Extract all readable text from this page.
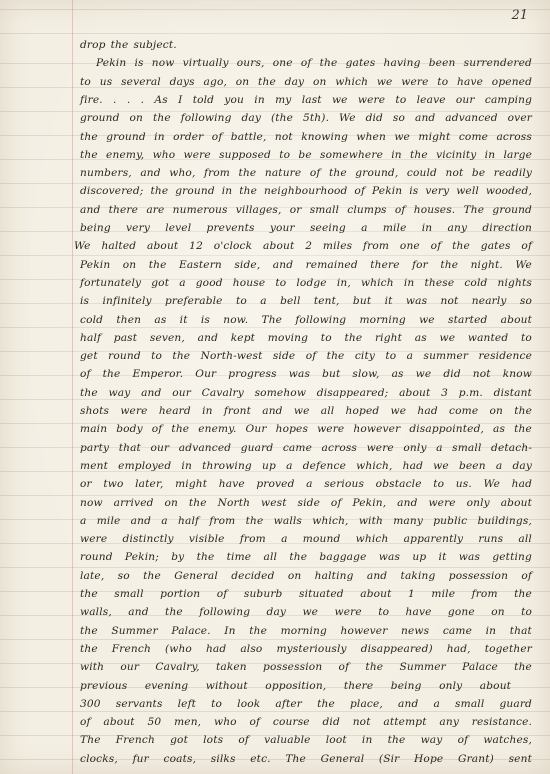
21
drop the subject.
Pekin is now virtually ours, one of the gates having been surrendered
to us several days ago, on the day on which we were to have opened
fire. . . . As I told you in my last we were to leave our camping
ground on the following day (the 5th). We did so and advanced over
the ground in order of battle, not knowing when we might come across
the enemy, who were supposed to be somewhere in the vicinity in large
numbers, and who, from the nature of the ground, could not be readily
discovered; the ground in the neighbourhood of Pekin is very well wooded,
and there are numerous villages, or small clumps of houses. The ground
being very level prevents your seeing a mile in any direction
We halted about 12 o'clock about 2 miles from one of the gates of
Pekin on the Eastern side, and remained there for the night. We
fortunately got a good house to lodge in, which in these cold nights
is infinitely preferable to a bell tent, but it was not nearly so
cold then as it is now. The following morning we started about
half past seven, and kept moving to the right as we wanted to
get round to the North-west side of the city to a summer residence
of the Emperor. Our progress was but slow, as we did not know
the way and our Cavalry somehow disappeared; about 3 p.m. distant
shots were heard in front and we all hoped we had come on the
main body of the enemy. Our hopes were however disappointed, as the
party that our advanced guard came across were only a small detach-
ment employed in throwing up a defence which, had we been a day
or two later, might have proved a serious obstacle to us. We had
now arrived on the North west side of Pekin, and were only about
a mile and a half from the walls which, with many public buildings,
were distinctly visible from a mound which apparently runs all
round Pekin; by the time all the baggage was up it was getting
late, so the General decided on halting and taking possession of
the small portion of suburb situated about 1 mile from the
walls, and the following day we were to have gone on to
the Summer Palace. In the morning however news came in that
the French (who had also mysteriously disappeared) had, together
with our Cavalry, taken possession of the Summer Palace the
previous evening without opposition, there being only about
300 servants left to look after the place, and a small guard
of about 50 men, who of course did not attempt any resistance.
The French got lots of valuable loot in the way of watches,
clocks, fur coats, silks etc. The General (Sir Hope Grant) sent
